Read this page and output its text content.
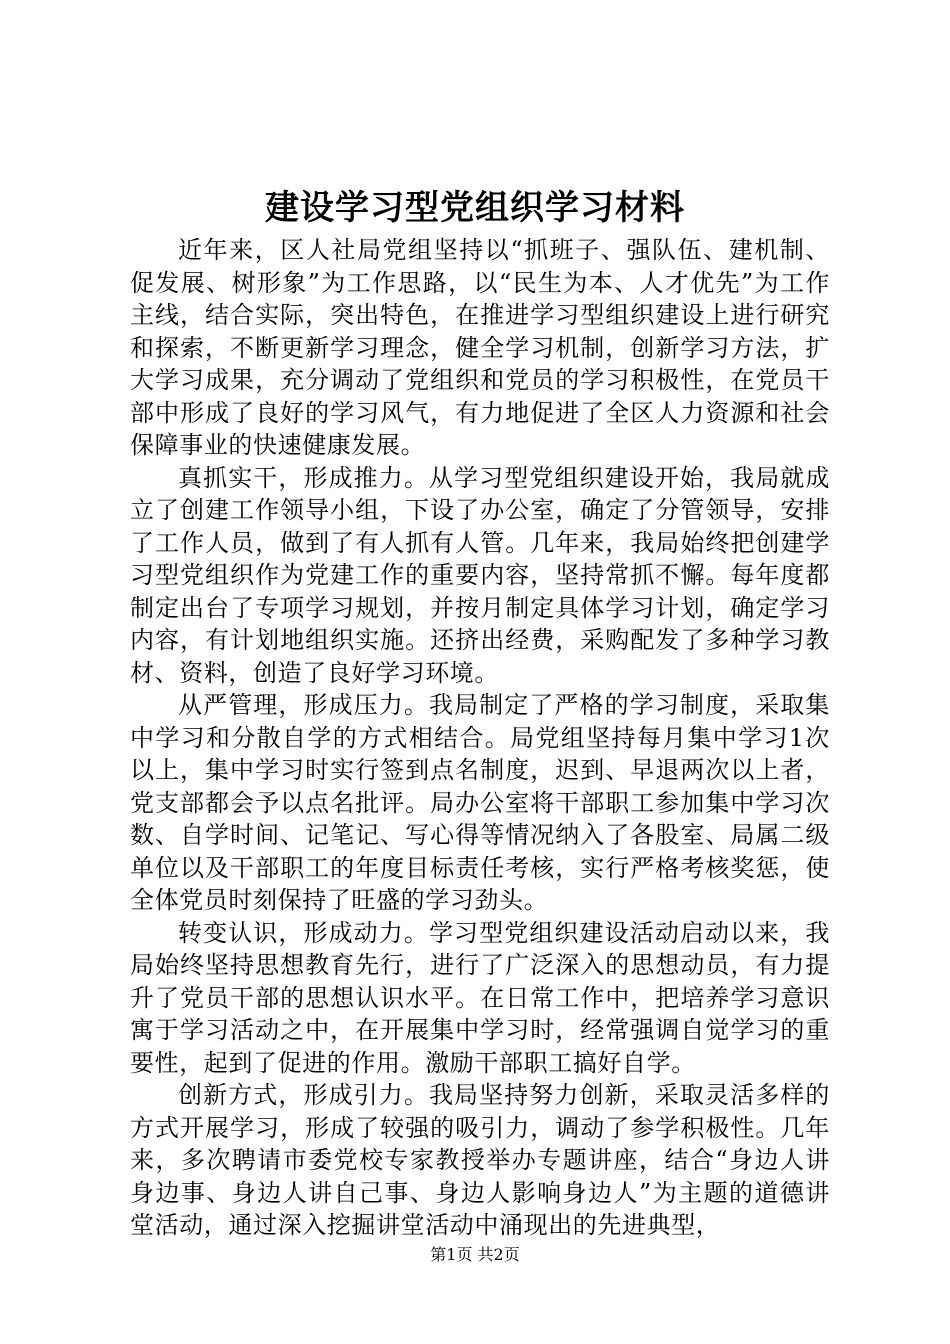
建设学习型党组织学习材料

近年来，区人社局党组坚持以“抓班子、强队伍、建机制、促发展、树形象”为工作思路，以“民生为本、人才优先”为工作主线，结合实际，突出特色，在推进学习型组织建设上进行研究和探索，不断更新学习理念，健全学习机制，创新学习方法，扩大学习成果，充分调动了党组织和党员的学习积极性，在党员干部中形成了良好的学习风气，有力地促进了全区人力资源和社会保障事业的快速健康发展。

真抓实干，形成推力。从学习型党组织建设开始，我局就成立了创建工作领导小组，下设了办公室，确定了分管领导，安排了工作人员，做到了有人抓有人管。几年来，我局始终把创建学习型党组织作为党建工作的重要内容，坚持常抓不懈。每年度都制定出台了专项学习规划，并按月制定具体学习计划，确定学习内容，有计划地组织实施。还挤出经费，采购配发了多种学习教材、资料，创造了良好学习环境。

从严管理，形成压力。我局制定了严格的学习制度，采取集中学习和分散自学的方式相结合。局党组坚持每月集中学习1次以上，集中学习时实行签到点名制度，迟到、早退两次以上者，党支部都会予以点名批评。局办公室将干部职工参加集中学习次数、自学时间、记笔记、写心得等情况纳入了各股室、局属二级单位以及干部职工的年度目标责任考核，实行严格考核奖惩，使全体党员时刻保持了旺盛的学习劲头。

转变认识，形成动力。学习型党组织建设活动启动以来，我局始终坚持思想教育先行，进行了广泛深入的思想动员，有力提升了党员干部的思想认识水平。在日常工作中，把培养学习意识寓于学习活动之中，在开展集中学习时，经常强调自觉学习的重要性，起到了促进的作用。激励干部职工搞好自学。

创新方式，形成引力。我局坚持努力创新，采取灵活多样的方式开展学习，形成了较强的吸引力，调动了参学积极性。几年来，多次聘请市委党校专家教授举办专题讲座，结合“身边人讲身边事、身边人讲自己事、身边人影响身边人”为主题的道德讲堂活动，通过深入挖掘讲堂活动中涌现出的先进典型，

第1页 共2页
